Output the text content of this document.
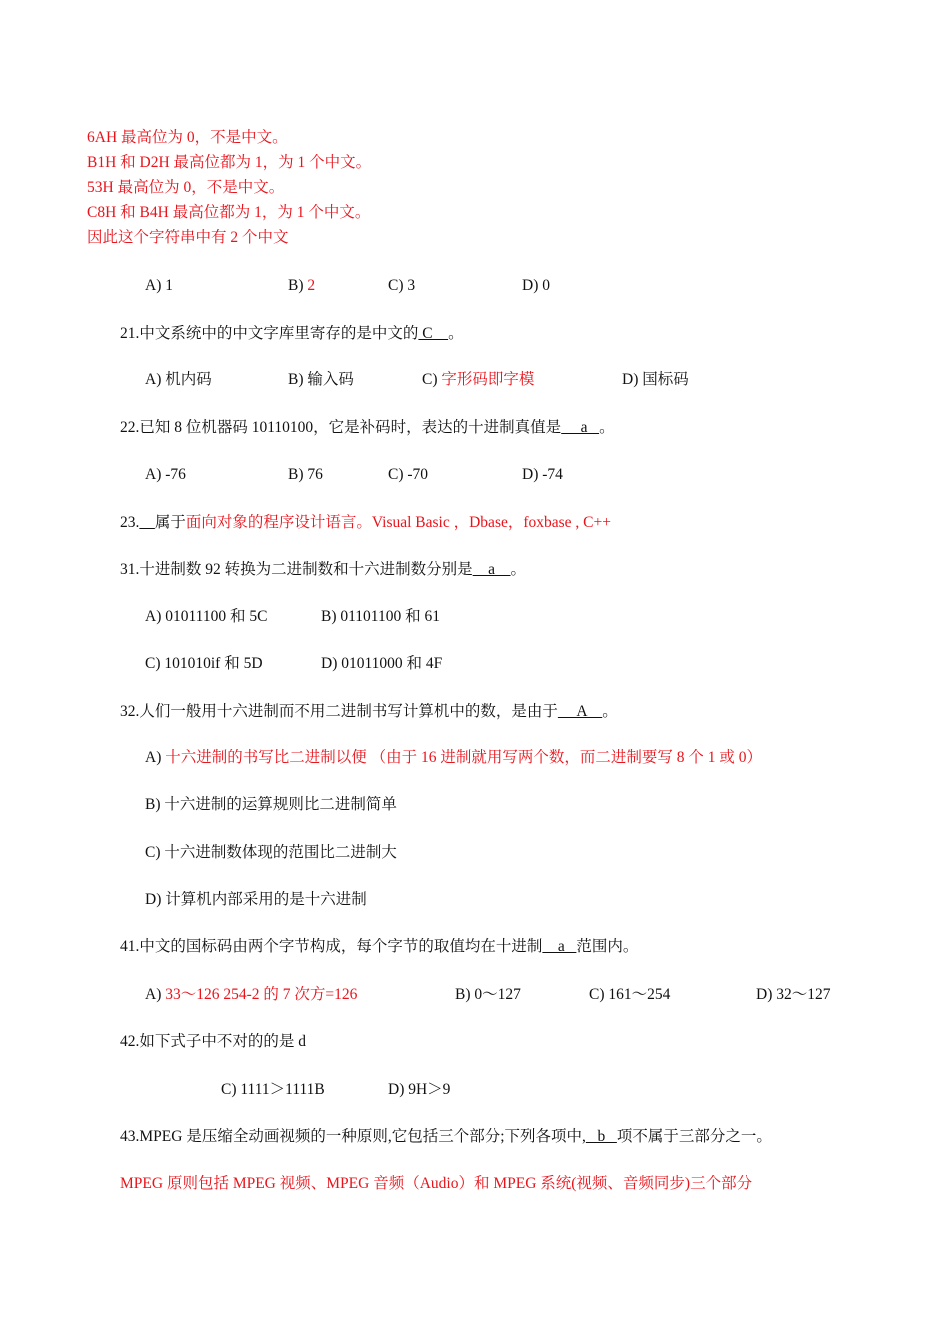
6AH 最高位为 0，不是中文。
B1H 和 D2H 最高位都为 1，为 1 个中文。
53H 最高位为 0，不是中文。
C8H 和 B4H 最高位都为 1，为 1 个中文。
因此这个字符串中有 2 个中文
A) 1	B) 2	C) 3	D) 0
21.中文系统中的中文字库里寄存的是中文的 C    。
A) 机内码	B) 输入码	C) 字形码即字模	D) 国标码
22.已知 8 位机器码 10110100，它是补码时，表达的十进制真值是     a   。
A) -76	B) 76	C) -70	D) -74
23. 属于面向对象的程序设计语言。Visual Basic ，Dbase，foxbase , C++
31.十进制数 92 转换为二进制数和十六进制数分别是    a    。
A) 01011100 和 5C	B) 01101100 和 61
C) 101010if 和 5D	D) 01011000 和 4F
32.人们一般用十六进制而不用二进制书写计算机中的数，是由于     A    。
A) 十六进制的书写比二进制以便 （由于 16 进制就用写两个数，而二进制要写 8 个 1 或 0）
B) 十六进制的运算规则比二进制简单
C) 十六进制数体现的范围比二进制大
D) 计算机内部采用的是十六进制
41.中文的国标码由两个字节构成，每个字节的取值均在十进制    a   范围内。
A) 33～126 254-2 的 7 次方=126	B) 0～127	C) 161～254	D) 32～127
42.如下式子中不对的的是 d
C) 1111＞1111B	D) 9H＞9
43.MPEG 是压缩全动画视频的一种原则,它包括三个部分;下列各项中,   b   项不属于三部分之一。
MPEG 原则包括 MPEG 视频、MPEG 音频（Audio）和 MPEG 系统(视频、音频同步)三个部分
